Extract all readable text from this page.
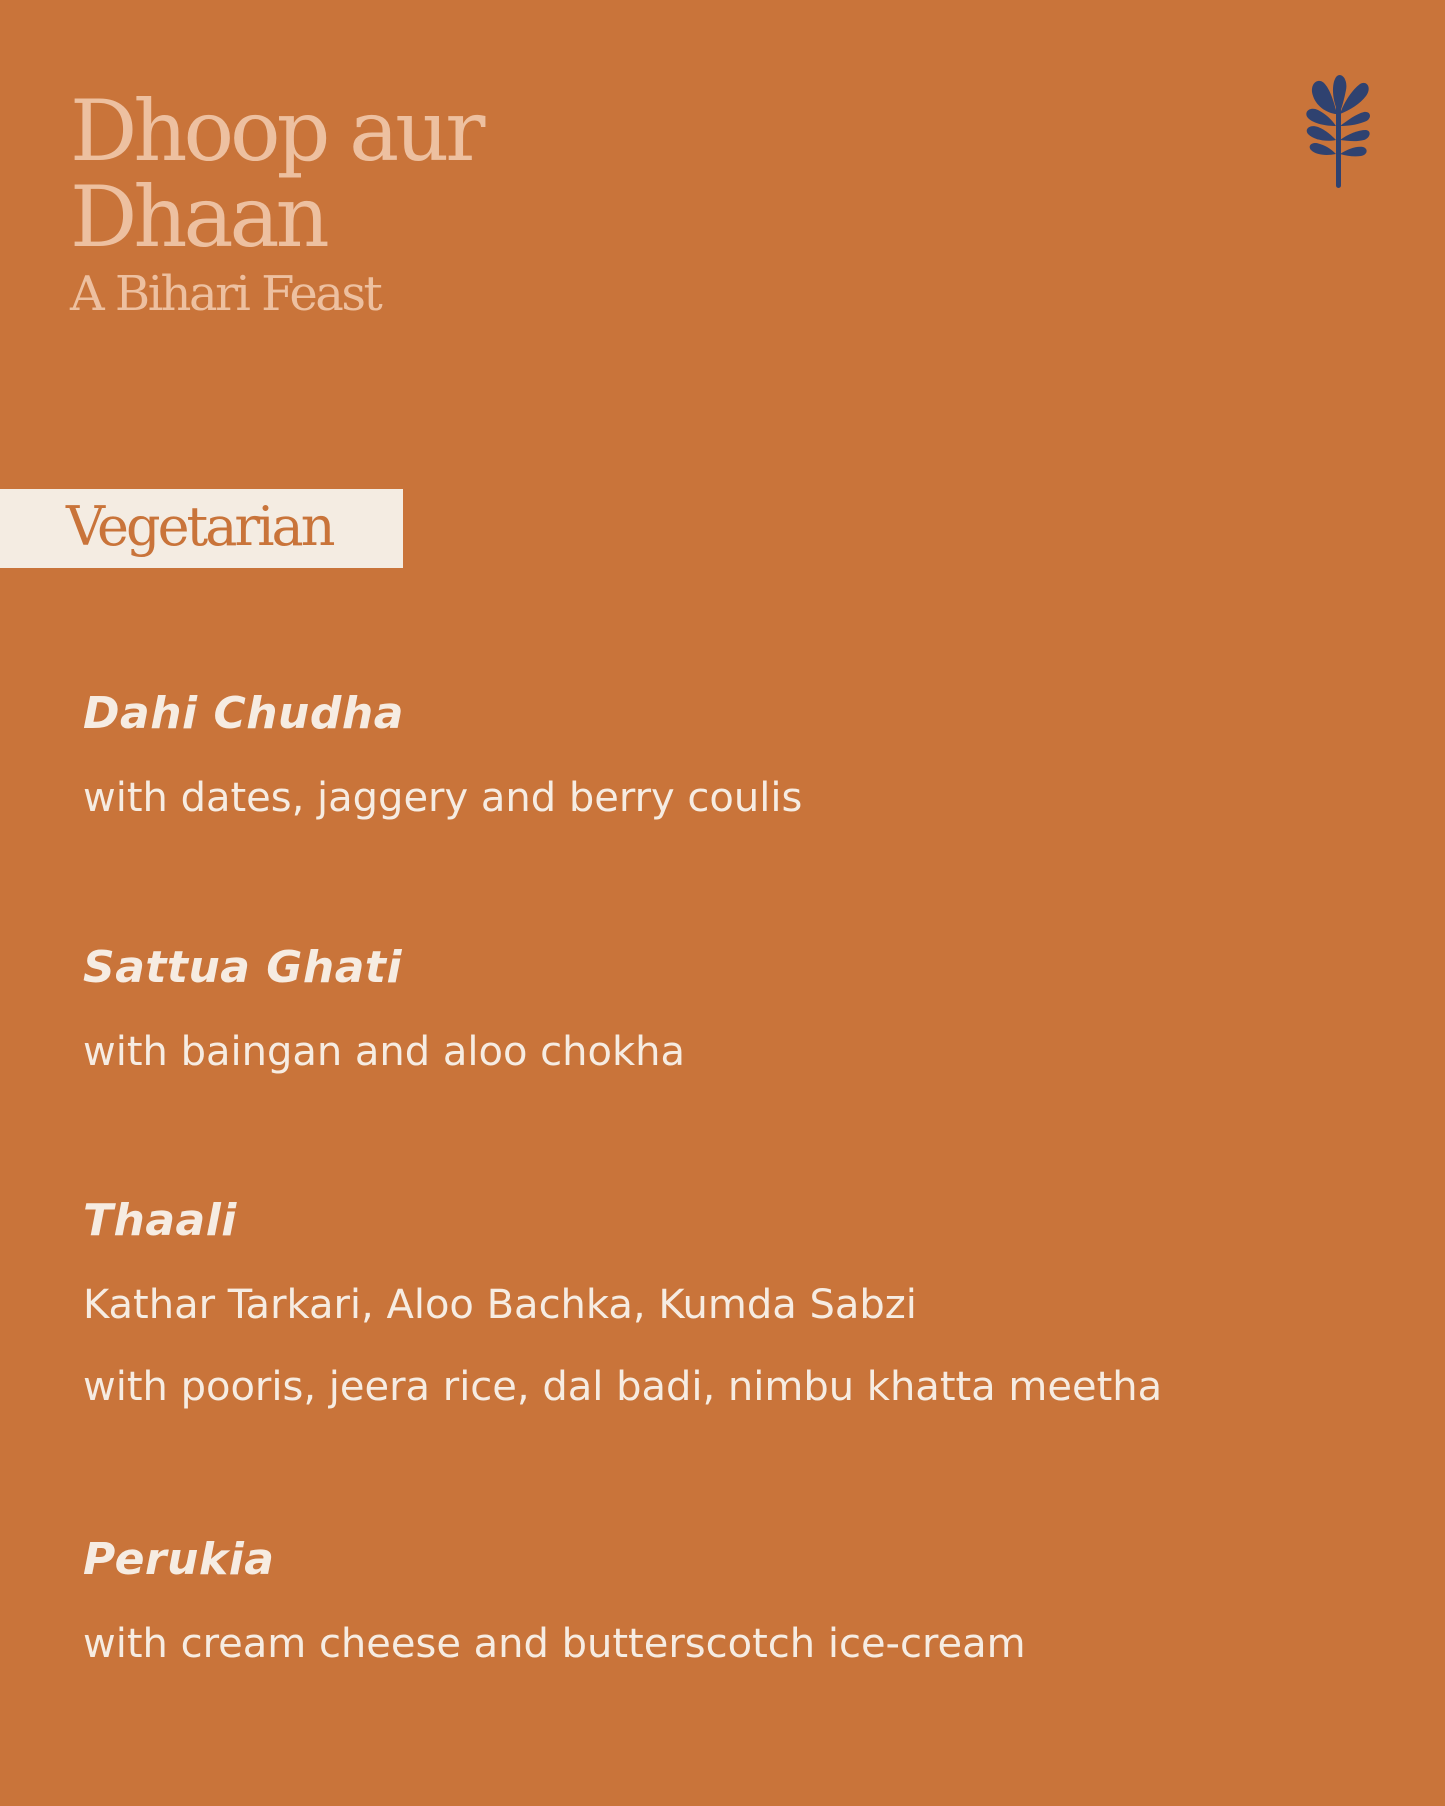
Dhoop aur
Dhaan
A Bihari Feast
Vegetarian
Dahi Chudha
with dates, jaggery and berry coulis
Sattua Ghati
with baingan and aloo chokha
Thaali
Kathar Tarkari, Aloo Bachka, Kumda Sabzi
with pooris, jeera rice, dal badi, nimbu khatta meetha
Perukia
with cream cheese and butterscotch ice-cream
